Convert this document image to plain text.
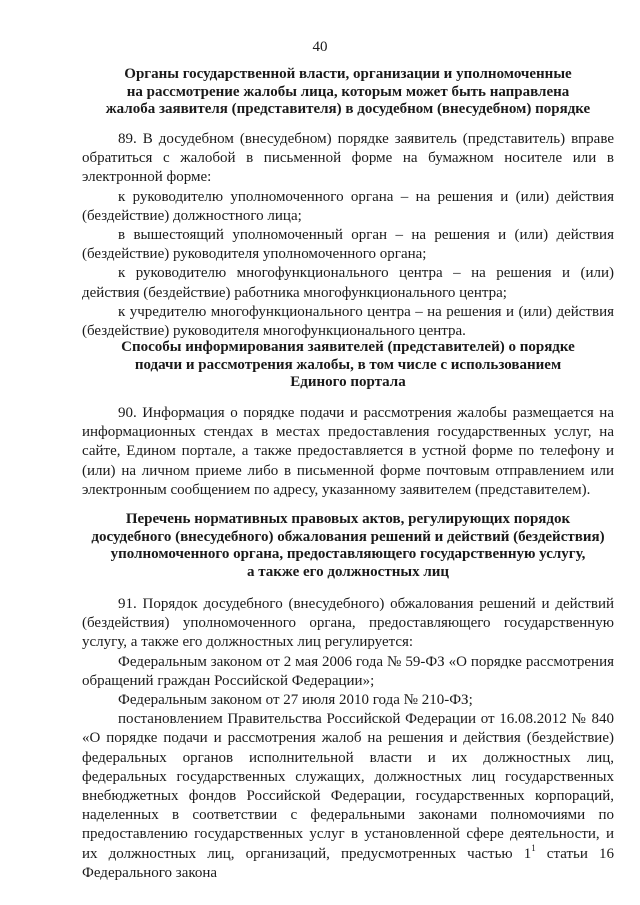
40
Органы государственной власти, организации и уполномоченные
на рассмотрение жалобы лица, которым может быть направлена
жалоба заявителя (представителя) в досудебном (внесудебном) порядке

89. В досудебном (внесудебном) порядке заявитель (представитель) вправе обратиться с жалобой в письменной форме на бумажном носителе или в электронной форме:

к руководителю уполномоченного органа – на решения и (или) действия (бездействие) должностного лица;

в вышестоящий уполномоченный орган – на решения и (или) действия (бездействие) руководителя уполномоченного органа;

к руководителю многофункционального центра – на решения и (или) действия (бездействие) работника многофункционального центра;

к учредителю многофункционального центра – на решения и (или) действия (бездействие) руководителя многофункционального центра.

Способы информирования заявителей (представителей) о порядке
подачи и рассмотрения жалобы, в том числе с использованием
Единого портала

90. Информация о порядке подачи и рассмотрения жалобы размещается на информационных стендах в местах предоставления государственных услуг, на сайте, Едином портале, а также предоставляется в устной форме по телефону и (или) на личном приеме либо в письменной форме почтовым отправлением или электронным сообщением по адресу, указанному заявителем (представителем).

Перечень нормативных правовых актов, регулирующих порядок
досудебного (внесудебного) обжалования решений и действий (бездействия)
уполномоченного органа, предоставляющего государственную услугу,
а также его должностных лиц

91. Порядок досудебного (внесудебного) обжалования решений и действий (бездействия) уполномоченного органа, предоставляющего государственную услугу, а также его должностных лиц регулируется:

Федеральным законом от 2 мая 2006 года № 59-ФЗ «О порядке рассмотрения обращений граждан Российской Федерации»;

Федеральным законом от 27 июля 2010 года № 210-ФЗ;

постановлением Правительства Российской Федерации от 16.08.2012 № 840 «О порядке подачи и рассмотрения жалоб на решения и действия (бездействие) федеральных органов исполнительной власти и их должностных лиц, федеральных государственных служащих, должностных лиц государственных внебюджетных фондов Российской Федерации, государственных корпораций, наделенных в соответствии с федеральными законами полномочиями по предоставлению государственных услуг в установленной сфере деятельности, и их должностных лиц, организаций, предусмотренных частью $1^1$ статьи 16 Федерального закона
